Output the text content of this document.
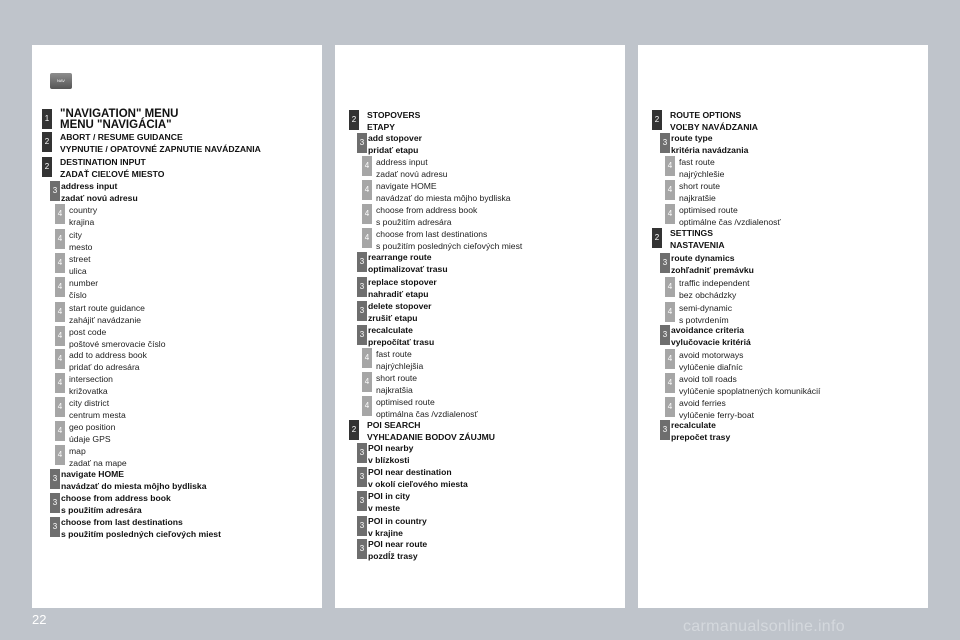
1 "NAVIGATION" MENU
MENU "NAVIGÁCIA"
2	ABORT / RESUME GUIDANCE
VYPNUTIE / OPATOVNÉ ZAPNUTIE NAVÁDZANIA
2	DESTINATION INPUT
ZADAŤ CIEĽOVÉ MIESTO
3 address input
zadať novú adresu
4 country
krajina
4 city
mesto
4 street
ulica
4 number
číslo
4 start route guidance
zahájiť navádzanie
4 post code
poštové smerovacie číslo
4 add to address book
pridať do adresára
4 intersection
križovatka
4 city district
centrum mesta
4 geo position
údaje GPS
4 map
zadať na mape
3 navigate HOME
navádzať do miesta môjho bydliska
3 choose from address book
s použitím adresára
3 choose from last destinations
s použitím posledných cieľových miest
2	STOPOVERS
ETAPY
3 add stopover
pridať etapu
4 address input
zadať novú adresu
4 navigate HOME
navádzať do miesta môjho bydliska
4 choose from address book
s použitím adresára
4 choose from last destinations
s použitím posledných cieľových miest
3 rearrange route
optimalizovať trasu
3 replace stopover
nahradiť etapu
3 delete stopover
zrušiť etapu
3 recalculate
prepočítať trasu
4 fast route
najrýchlejšia
4 short route
najkratšia
4 optimised route
optimálna čas /vzdialenosť
2	POI SEARCH
VYHĽADANIE BODOV ZÁUJMU
3 POI nearby
v blízkosti
3 POI near destination
v okolí cieľového miesta
3 POI in city
v meste
3 POI in country
v krajine
3 POI near route
pozdĺž trasy
2	ROUTE OPTIONS
VOĽBY NAVÁDZANIA
3 route type
kritéria navádzania
4 fast route
najrýchlešie
4 short route
najkratšie
4 optimised route
optimálne čas /vzdialenosť
2	SETTINGS
NASTAVENIA
3 route dynamics
zohľadniť premávku
4 traffic independent
bez obchádzky
4 semi-dynamic
s potvrdením
3 avoidance criteria
vylučovacie kritériá
4 avoid motorways
vylúčenie diaľníc
4 avoid toll roads
vylúčenie spoplatnených komunikácií
4 avoid ferries
vylúčenie ferry-boat
3 recalculate
prepočet trasy
NAV
22	carmanualsonline.info
